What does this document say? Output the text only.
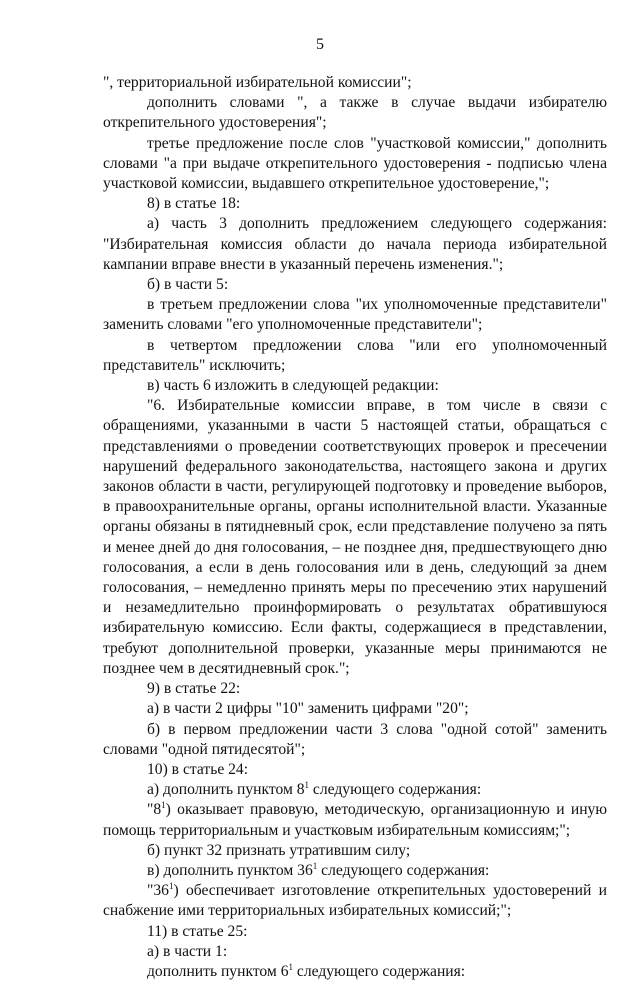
5

", территориальной избирательной комиссии";

дополнить словами ", а также в случае выдачи избирателю открепительного удостоверения";

третье предложение после слов "участковой комиссии," дополнить словами "а при выдаче открепительного удостоверения - подписью члена участковой комиссии, выдавшего открепительное удостоверение,";

8) в статье 18:

а) часть 3 дополнить предложением следующего содержания: "Избирательная комиссия области до начала периода избирательной кампании вправе внести в указанный перечень изменения.";

б) в части 5:

в третьем предложении слова "их уполномоченные представители" заменить словами "его уполномоченные представители";

в четвертом предложении слова "или его уполномоченный представитель" исключить;

в) часть 6 изложить в следующей редакции:

"6. Избирательные комиссии вправе, в том числе в связи с обращениями, указанными в части 5 настоящей статьи, обращаться с представлениями о проведении соответствующих проверок и пресечении нарушений федерального законодательства, настоящего закона и других законов области в части, регулирующей подготовку и проведение выборов, в правоохранительные органы, органы исполнительной власти. Указанные органы обязаны в пятидневный срок, если представление получено за пять и менее дней до дня голосования, – не позднее дня, предшествующего дню голосования, а если в день голосования или в день, следующий за днем голосования, – немедленно принять меры по пресечению этих нарушений и незамедлительно проинформировать о результатах обратившуюся избирательную комиссию. Если факты, содержащиеся в представлении, требуют дополнительной проверки, указанные меры принимаются не позднее чем в десятидневный срок.";

9) в статье 22:

а) в части 2 цифры "10" заменить цифрами "20";

б) в первом предложении части 3 слова "одной сотой" заменить словами "одной пятидесятой";

10) в статье 24:

а) дополнить пунктом $8^1$ следующего содержания:

"$8^1$) оказывает правовую, методическую, организационную и иную помощь территориальным и участковым избирательным комиссиям;";

б) пункт 32 признать утратившим силу;

в) дополнить пунктом $36^1$ следующего содержания:

"$36^1$) обеспечивает изготовление открепительных удостоверений и снабжение ими территориальных избирательных комиссий;";

11) в статье 25:

а) в части 1:

дополнить пунктом $6^1$ следующего содержания:
